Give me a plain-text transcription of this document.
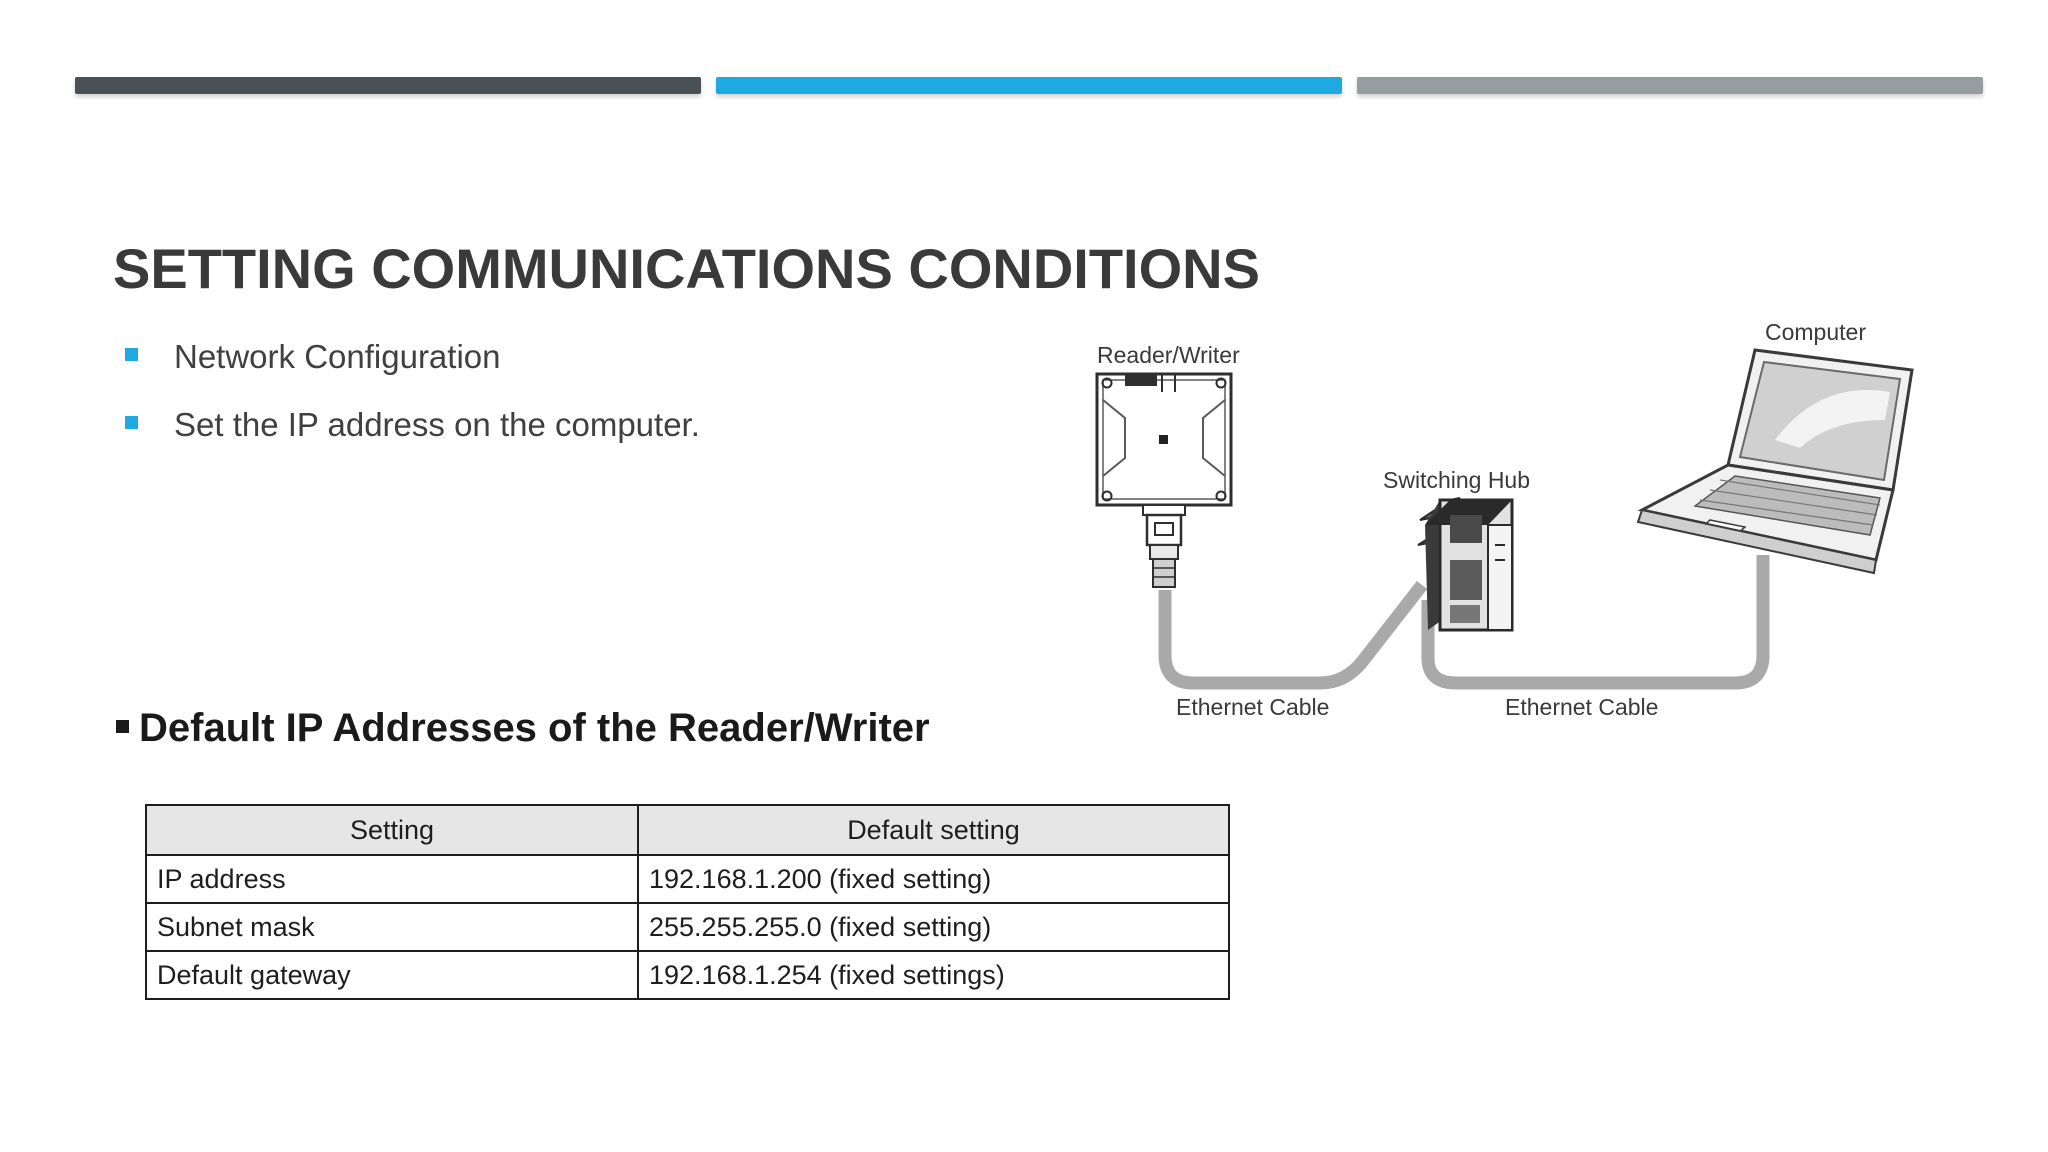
SETTING COMMUNICATIONS CONDITIONS
Network Configuration
Set the IP address on the computer.
Default IP Addresses of the Reader/Writer
Setting	Default setting
IP address	192.168.1.200 (fixed setting)
Subnet mask	255.255.255.0 (fixed setting)
Default gateway	192.168.1.254 (fixed settings)
Reader/Writer
Switching Hub
Computer
Ethernet Cable	Ethernet Cable
